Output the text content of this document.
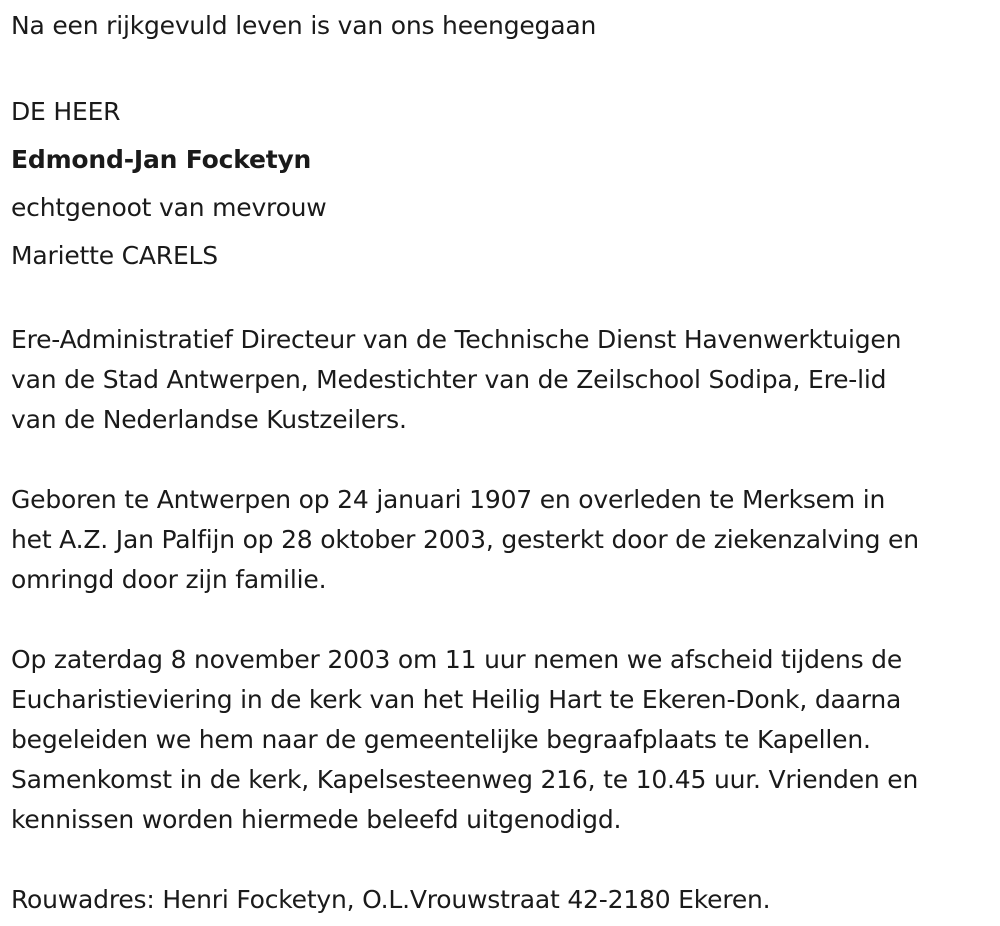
Na een rijkgevuld leven is van ons heengegaan

DE HEER

Edmond-Jan Focketyn

echtgenoot van mevrouw

Mariette CARELS

Ere-Administratief Directeur van de Technische Dienst Havenwerktuigen

van de Stad Antwerpen, Medestichter van de Zeilschool Sodipa, Ere-lid

van de Nederlandse Kustzeilers.

Geboren te Antwerpen op 24 januari 1907 en overleden te Merksem in

het A.Z. Jan Palfijn op 28 oktober 2003, gesterkt door de ziekenzalving en

omringd door zijn familie.

Op zaterdag 8 november 2003 om 11 uur nemen we afscheid tijdens de

Eucharistieviering in de kerk van het Heilig Hart te Ekeren-Donk, daarna

begeleiden we hem naar de gemeentelijke begraafplaats te Kapellen.

Samenkomst in de kerk, Kapelsesteenweg 216, te 10.45 uur. Vrienden en

kennissen worden hiermede beleefd uitgenodigd.

Rouwadres: Henri Focketyn, O.L.Vrouwstraat 42-2180 Ekeren.
